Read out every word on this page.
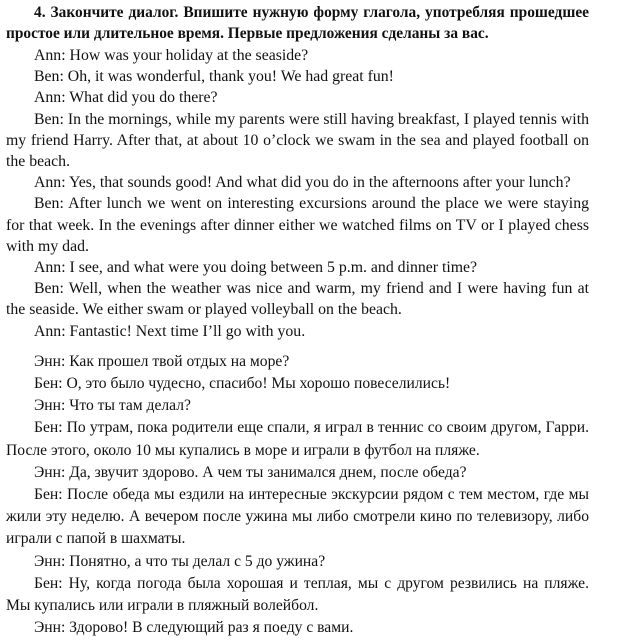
4. Закончите диалог. Впишите нужную форму глагола, употребляя прошедшее простое или длительное время. Первые предложения сделаны за вас.

Ann: How was your holiday at the seaside?

Ben: Oh, it was wonderful, thank you! We had great fun!

Ann: What did you do there?

Ben: In the mornings, while my parents were still having breakfast, I played tennis with my friend Harry. After that, at about 10 o’clock we swam in the sea and played football on the beach.

Ann: Yes, that sounds good! And what did you do in the afternoons after your lunch?

Ben: After lunch we went on interesting excursions around the place we were staying for that week. In the evenings after dinner either we watched films on TV or I played chess with my dad.

Ann: I see, and what were you doing between 5 p.m. and dinner time?

Ben: Well, when the weather was nice and warm, my friend and I were having fun at the seaside. We either swam or played volleyball on the beach.

Ann: Fantastic! Next time I’ll go with you.

Энн: Как прошел твой отдых на море?

Бен: О, это было чудесно, спасибо! Мы хорошо повеселились!

Энн: Что ты там делал?

Бен: По утрам, пока родители еще спали, я играл в теннис со своим другом, Гарри. После этого, около 10 мы купались в море и играли в футбол на пляже.

Энн: Да, звучит здорово. А чем ты занимался днем, после обеда?

Бен: После обеда мы ездили на интересные экскурсии рядом с тем местом, где мы жили эту неделю. А вечером после ужина мы либо смотрели кино по телевизору, либо играли с папой в шахматы.

Энн: Понятно, а что ты делал с 5 до ужина?

Бен: Ну, когда погода была хорошая и теплая, мы с другом резвились на пляже. Мы купались или играли в пляжный волейбол.

Энн: Здорово! В следующий раз я поеду с вами.
